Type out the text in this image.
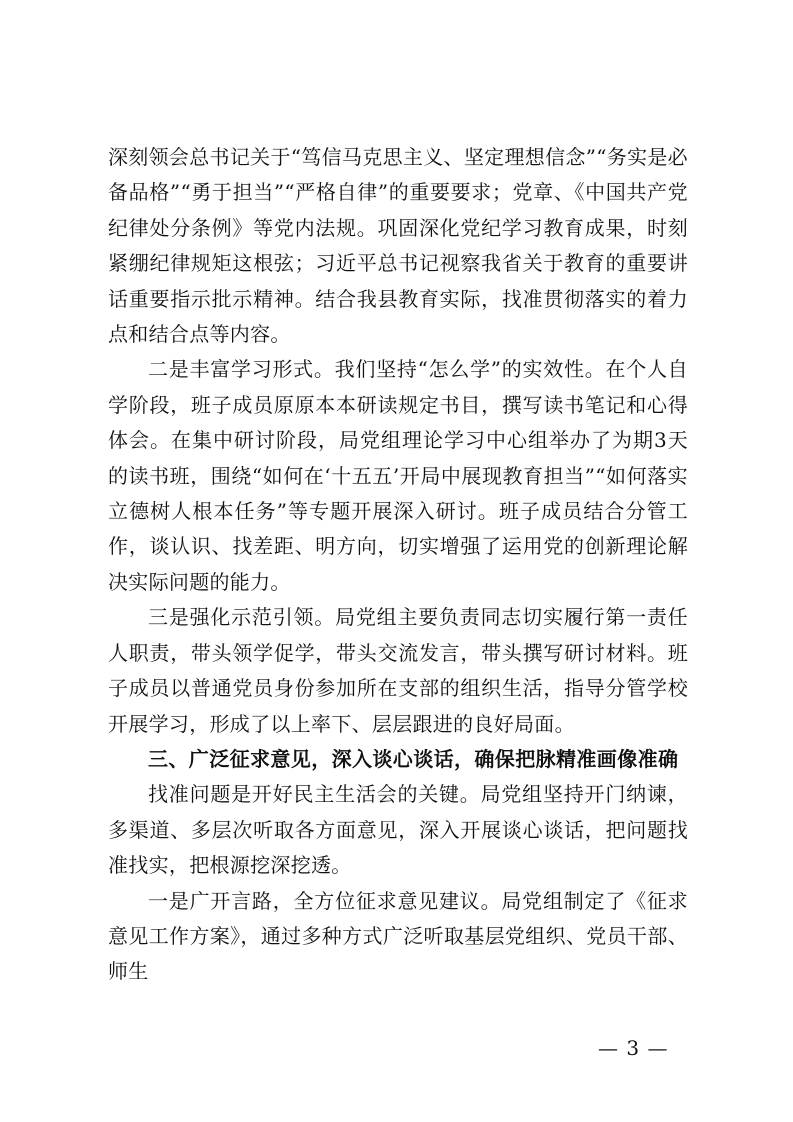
深刻领会总书记关于“笃信马克思主义、坚定理想信念”“务实是必备品格”“勇于担当”“严格自律”的重要要求；党章、《中国共产党纪律处分条例》等党内法规。巩固深化党纪学习教育成果，时刻紧绷纪律规矩这根弦；习近平总书记视察我省关于教育的重要讲话重要指示批示精神。结合我县教育实际，找准贯彻落实的着力点和结合点等内容。

二是丰富学习形式。我们坚持“怎么学”的实效性。在个人自学阶段，班子成员原原本本研读规定书目，撰写读书笔记和心得体会。在集中研讨阶段，局党组理论学习中心组举办了为期3天的读书班，围绕“如何在‘十五五’开局中展现教育担当”“如何落实立德树人根本任务”等专题开展深入研讨。班子成员结合分管工作，谈认识、找差距、明方向，切实增强了运用党的创新理论解决实际问题的能力。

三是强化示范引领。局党组主要负责同志切实履行第一责任人职责，带头领学促学，带头交流发言，带头撰写研讨材料。班子成员以普通党员身份参加所在支部的组织生活，指导分管学校开展学习，形成了以上率下、层层跟进的良好局面。

三、广泛征求意见，深入谈心谈话，确保把脉精准画像准确

找准问题是开好民主生活会的关键。局党组坚持开门纳谏，多渠道、多层次听取各方面意见，深入开展谈心谈话，把问题找准找实，把根源挖深挖透。

一是广开言路，全方位征求意见建议。局党组制定了《征求意见工作方案》，通过多种方式广泛听取基层党组织、党员干部、师生

— 3 —
